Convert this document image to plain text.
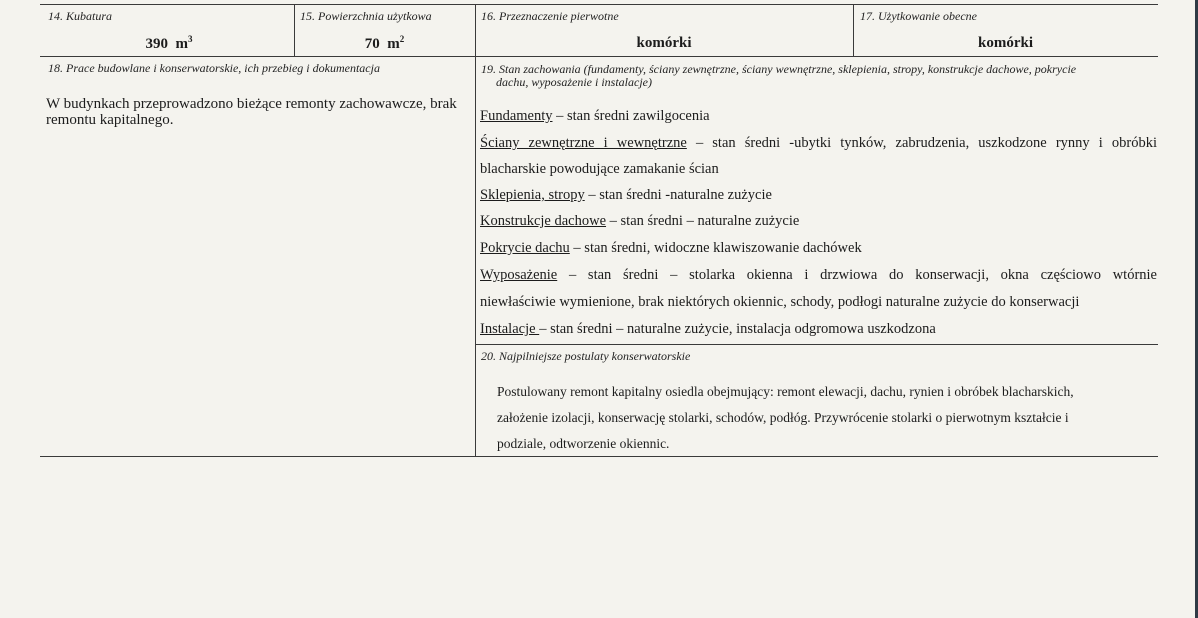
14. Kubatura
390 $m^3$
15. Powierzchnia użytkowa
70 $m^2$
16. Przeznaczenie pierwotne
komórki
17. Użytkowanie obecne
komórki
18. Prace budowlane i konserwatorskie, ich przebieg i dokumentacja
W budynkach przeprowadzono bieżące remonty zachowawcze, brak
remontu kapitalnego.
19. Stan zachowania (fundamenty, ściany zewnętrzne, ściany wewnętrzne, sklepienia, stropy, konstrukcje dachowe, pokrycie
dachu, wyposażenie i instalacje)
Fundamenty – stan średni zawilgocenia
Ściany zewnętrzne i wewnętrzne – stan średni -ubytki tynków, zabrudzenia, uszkodzone rynny i obróbki
blacharskie powodujące zamakanie ścian
Sklepienia, stropy – stan średni -naturalne zużycie
Konstrukcje dachowe – stan średni – naturalne zużycie
Pokrycie dachu – stan średni, widoczne klawiszowanie dachówek
Wyposażenie – stan średni – stolarka okienna i drzwiowa do konserwacji, okna częściowo wtórnie
niewłaściwie wymienione, brak niektórych okiennic, schody, podłogi naturalne zużycie do konserwacji
Instalacje – stan średni – naturalne zużycie, instalacja odgromowa uszkodzona
20. Najpilniejsze postulaty konserwatorskie
Postulowany remont kapitalny osiedla obejmujący: remont elewacji, dachu, rynien i obróbek blacharskich,
założenie izolacji, konserwację stolarki, schodów, podłóg. Przywrócenie stolarki o pierwotnym kształcie i
podziale, odtworzenie okiennic.
